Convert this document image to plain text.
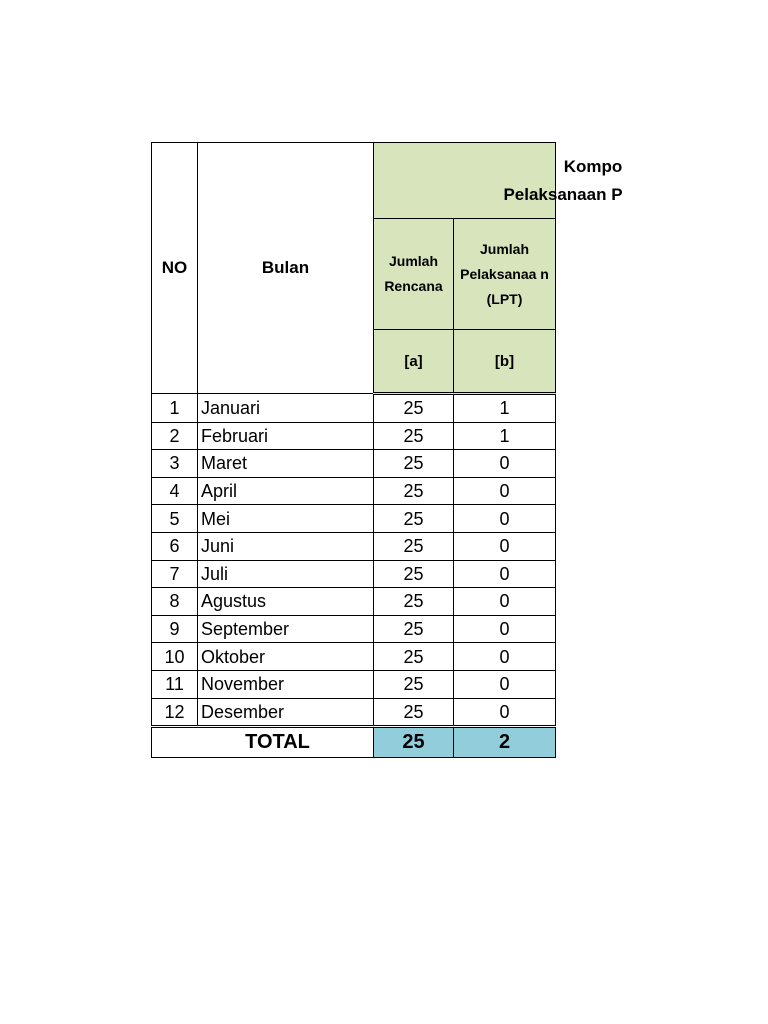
NO	Bulan	Kompo
Pelaksanaan P	

		Jumlah Rencana	Jumlah Pelaksanaa n (LPT)
		[a]	[b]
1	Januari	25	1
2	Februari	25	1
3	Maret	25	0
4	April	25	0
5	Mei	25	0
6	Juni	25	0
7	Juli	25	0
8	Agustus	25	0
9	September	25	0
10	Oktober	25	0
11	November	25	0
12	Desember	25	0
TOTAL		25	2
